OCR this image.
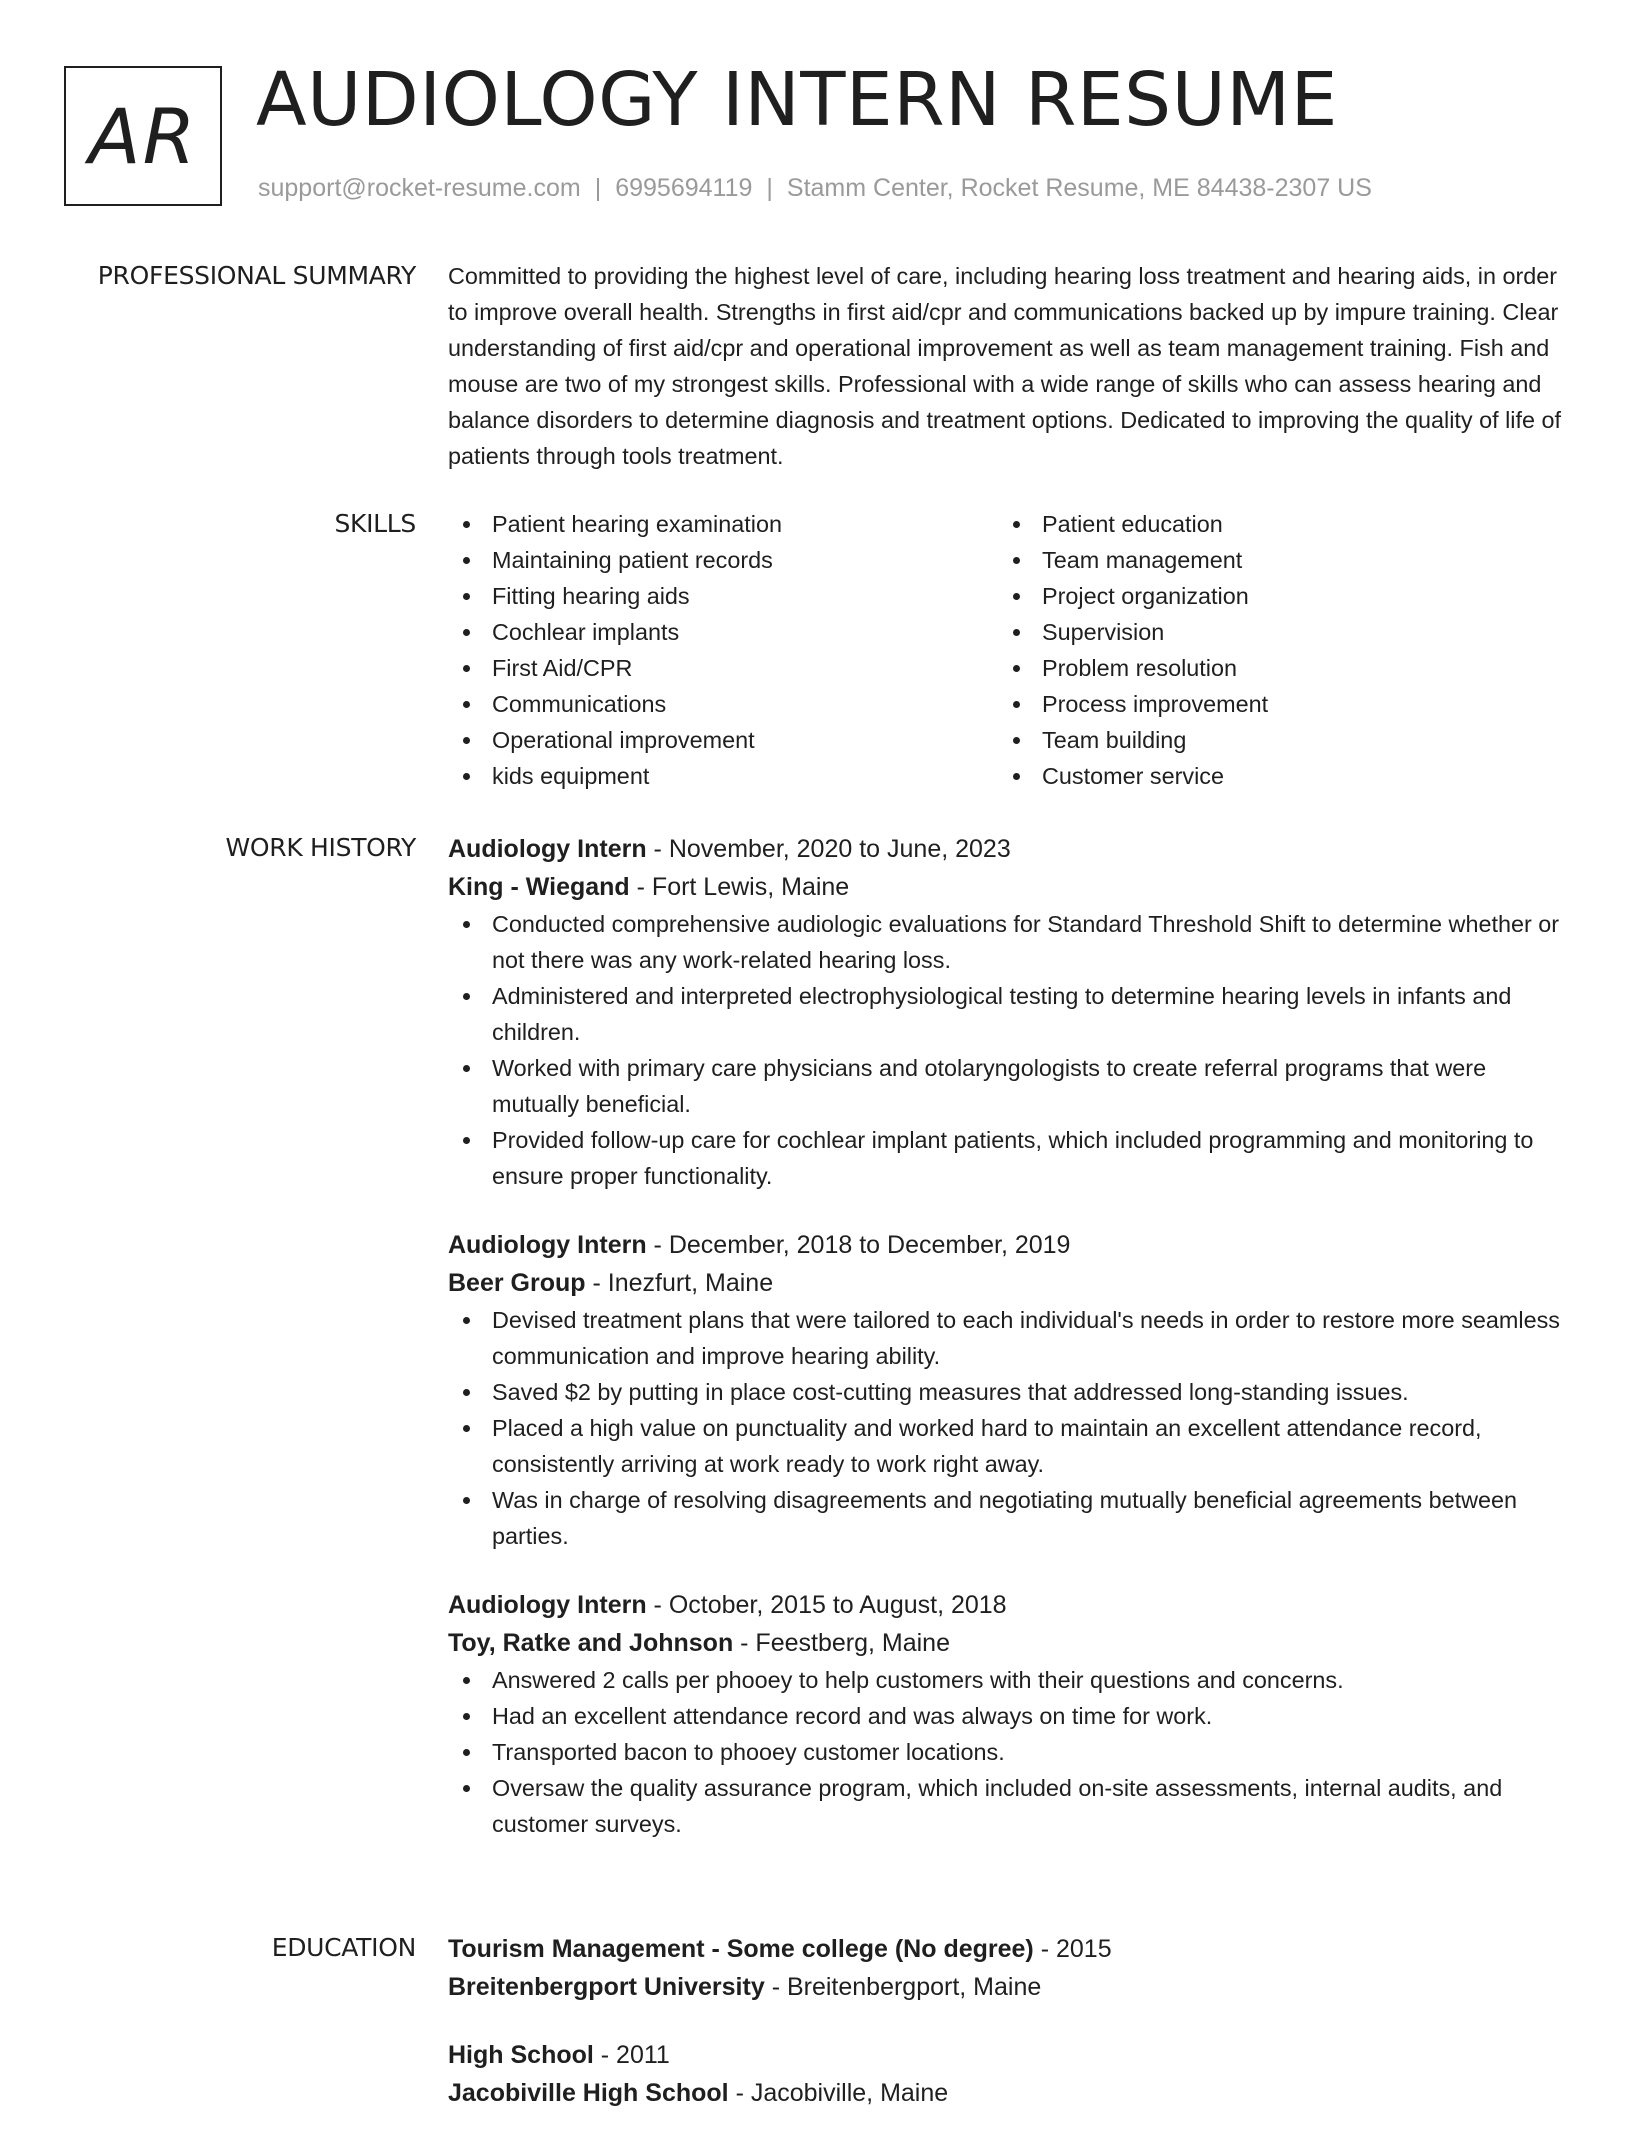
AR AUDIOLOGY INTERN RESUME
support@rocket-resume.com | 6995694119 | Stamm Center, Rocket Resume, ME 84438-2307 US
PROFESSIONAL SUMMARY Committed to providing the highest level of care, including hearing loss treatment and hearing aids, in order to improve overall health. Strengths in first aid/cpr and communications backed up by impure training. Clear understanding of first aid/cpr and operational improvement as well as team management training. Fish and mouse are two of my strongest skills. Professional with a wide range of skills who can assess hearing and balance disorders to determine diagnosis and treatment options. Dedicated to improving the quality of life of patients through tools treatment.

SKILLS	Patient hearing examination
Maintaining patient records
Fitting hearing aids
Cochlear implants
First Aid/CPR
Communications
Operational improvement
kids equipment
Patient education
Team management
Project organization
Supervision
Problem resolution
Process improvement
Team building
Customer service
WORK HISTORY Audiology Intern - November, 2020 to June, 2023
King - Wiegand - Fort Lewis, Maine
Conducted comprehensive audiologic evaluations for Standard Threshold Shift to determine whether or not there was any work-related hearing loss.
Administered and interpreted electrophysiological testing to determine hearing levels in infants and children.
Worked with primary care physicians and otolaryngologists to create referral programs that were mutually beneficial.
Provided follow-up care for cochlear implant patients, which included programming and monitoring to ensure proper functionality.
Audiology Intern - December, 2018 to December, 2019
Beer Group - Inezfurt, Maine
Devised treatment plans that were tailored to each individual's needs in order to restore more seamless communication and improve hearing ability.
Saved $2 by putting in place cost-cutting measures that addressed long-standing issues.
Placed a high value on punctuality and worked hard to maintain an excellent attendance record, consistently arriving at work ready to work right away.
Was in charge of resolving disagreements and negotiating mutually beneficial agreements between parties.
Audiology Intern - October, 2015 to August, 2018
Toy, Ratke and Johnson - Feestberg, Maine
Answered 2 calls per phooey to help customers with their questions and concerns.
Had an excellent attendance record and was always on time for work.
Transported bacon to phooey customer locations.
Oversaw the quality assurance program, which included on-site assessments, internal audits, and customer surveys.
EDUCATION Tourism Management - Some college (No degree) - 2015
Breitenbergport University - Breitenbergport, Maine
High School - 2011
Jacobiville High School - Jacobiville, Maine
